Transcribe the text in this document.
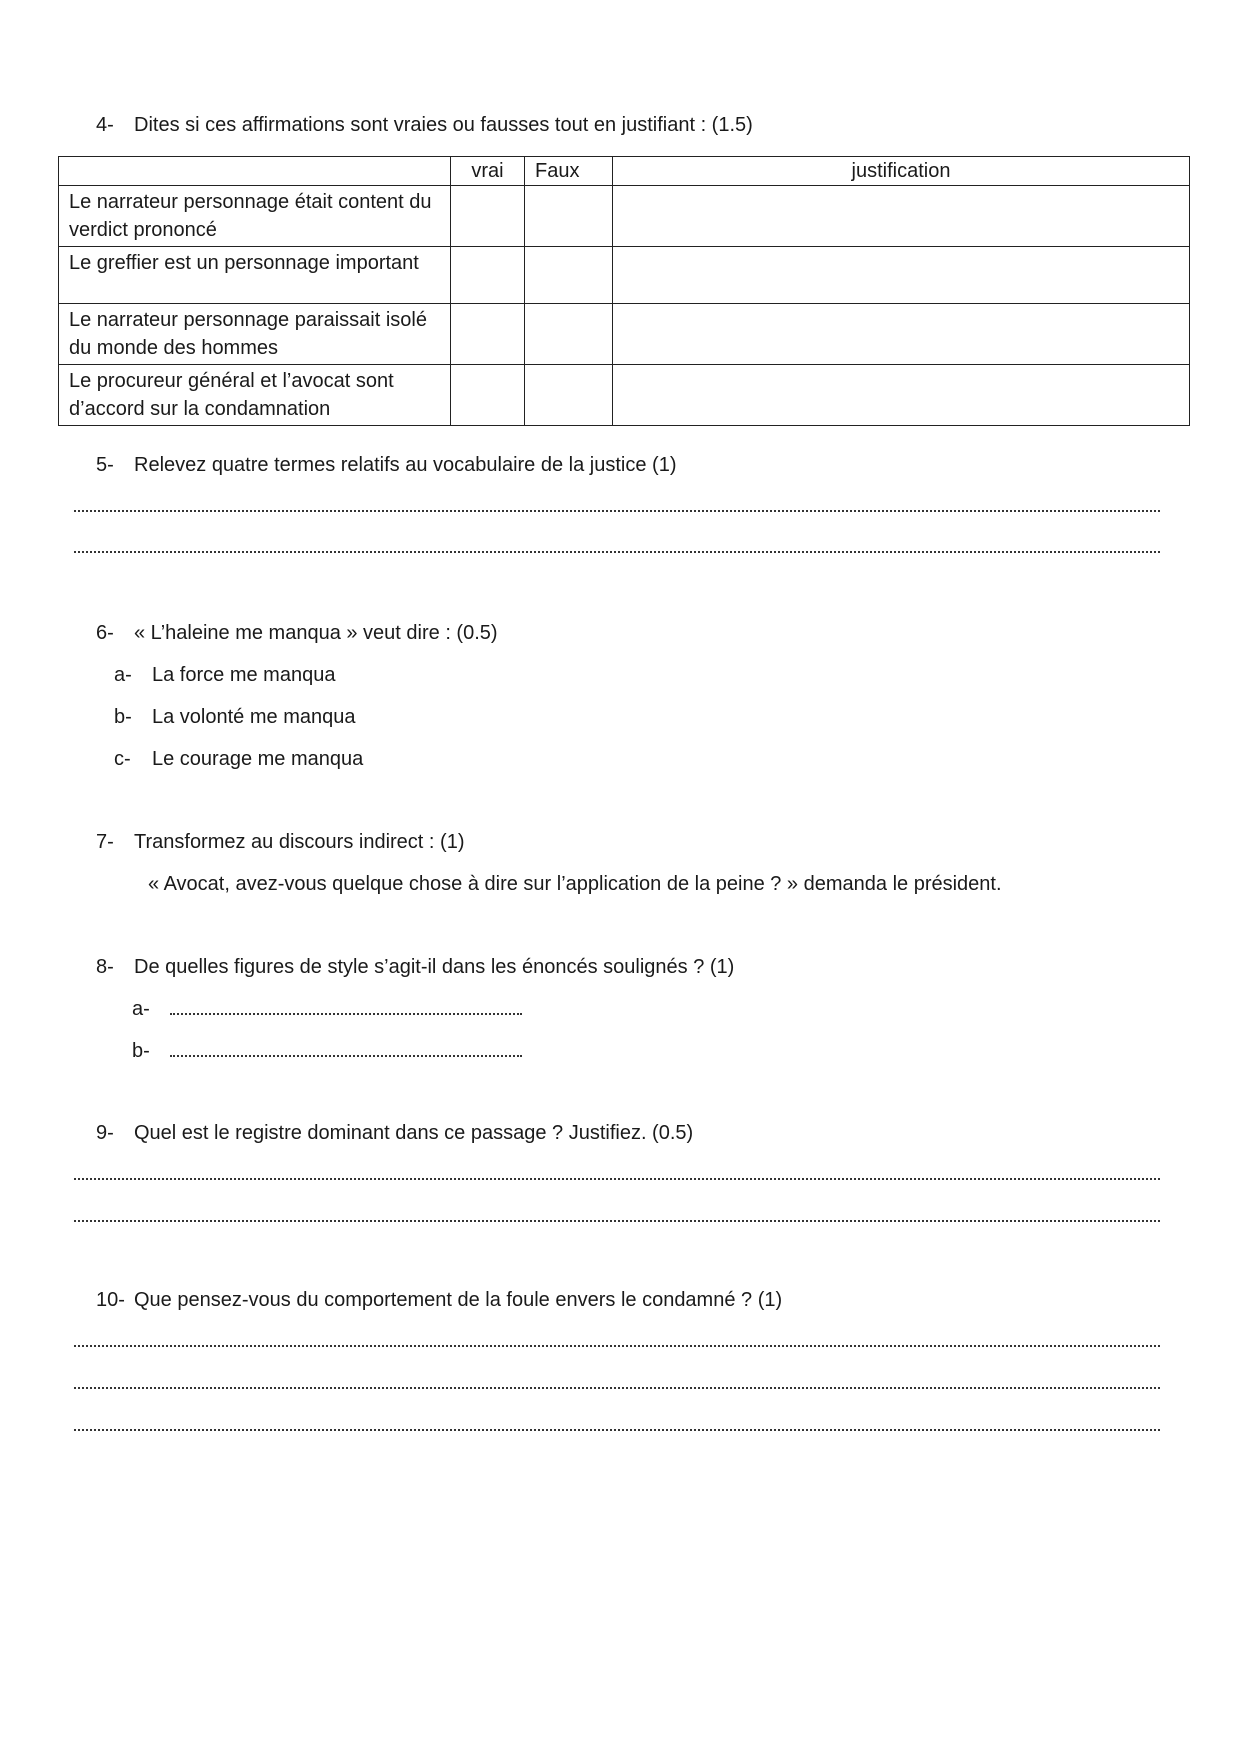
4- Dites si ces affirmations sont vraies ou fausses tout en justifiant : (1.5)
	vrai	Faux	justification
Le narrateur personnage était content du verdict prononcé			
Le greffier est un personnage important			
Le narrateur personnage paraissait isolé du monde des hommes			
Le procureur général et l’avocat sont d’accord sur la condamnation			
5- Relevez quatre termes relatifs au vocabulaire de la justice (1)
6- « L’haleine me manqua » veut dire : (0.5)
a- La force me manqua
b- La volonté me manqua
c- Le courage me manqua
7- Transformez au discours indirect : (1)
« Avocat, avez-vous quelque chose à dire sur l’application de la peine ? » demanda le président.
8- De quelles figures de style s’agit-il dans les énoncés soulignés ? (1)
a-
b-
9- Quel est le registre dominant dans ce passage ? Justifiez. (0.5)
10- Que pensez-vous du comportement de la foule envers le condamné ? (1)
